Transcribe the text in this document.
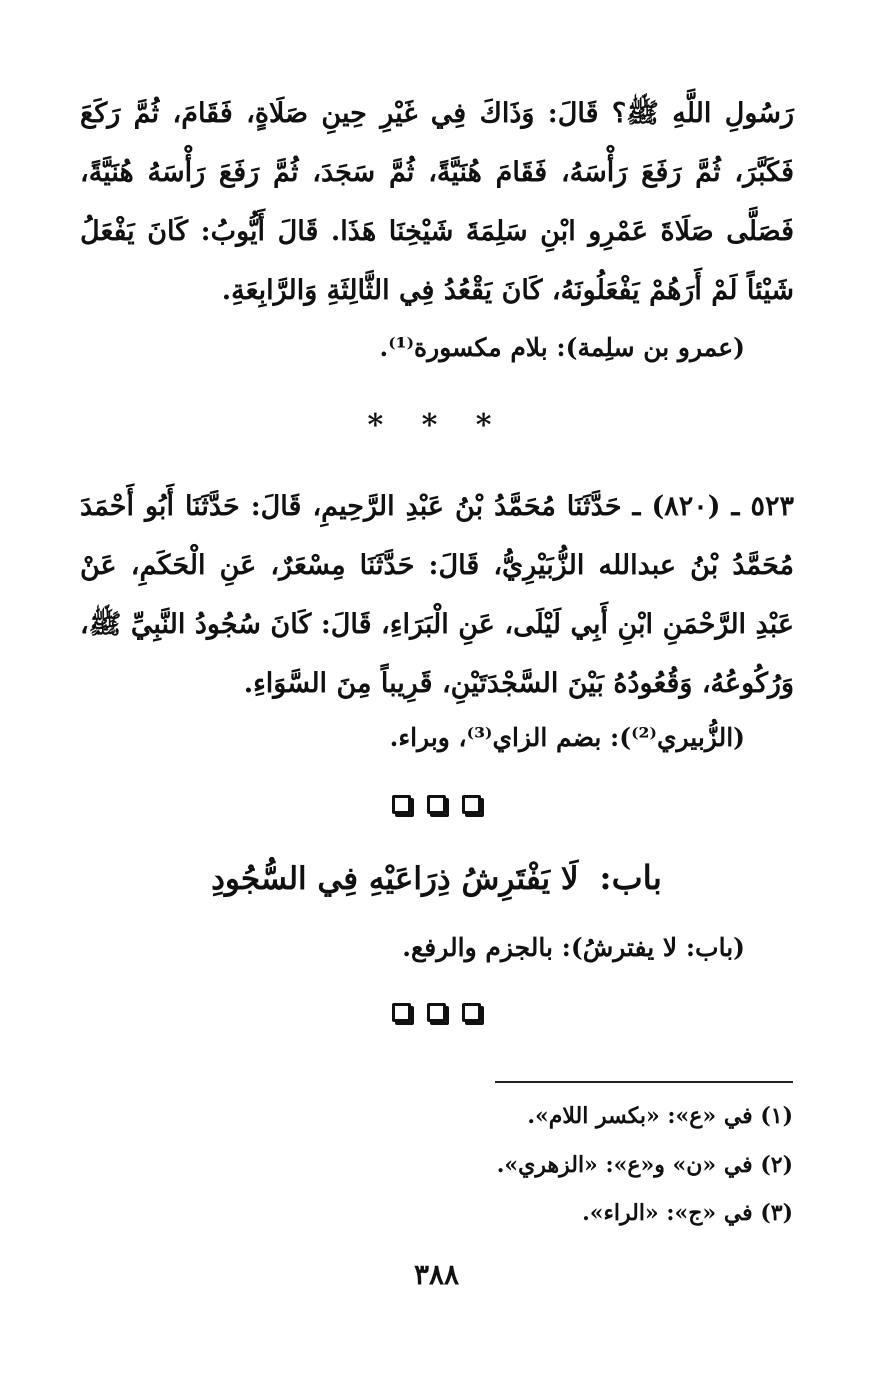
رَسُولِ اللَّهِ ﷺ؟ قَالَ: وَذَاكَ فِي غَيْرِ حِينِ صَلَاةٍ، فَقَامَ، ثُمَّ رَكَعَ فَكَبَّرَ، ثُمَّ رَفَعَ رَأْسَهُ، فَقَامَ هُنَيَّةً، ثُمَّ سَجَدَ، ثُمَّ رَفَعَ رَأْسَهُ هُنَيَّةً، فَصَلَّى صَلَاةَ عَمْرِو ابْنِ سَلِمَةَ شَيْخِنَا هَذَا. قَالَ أَيُّوبُ: كَانَ يَفْعَلُ شَيْئاً لَمْ أَرَهُمْ يَفْعَلُونَهُ، كَانَ يَقْعُدُ فِي الثَّالِثَةِ وَالرَّابِعَةِ.
(عمرو بن سلِمة): بلام مكسورة⁽¹⁾.
* * *
٥٢٣ ـ (٨٢٠) ـ حَدَّثَنَا مُحَمَّدُ بْنُ عَبْدِ الرَّحِيمِ، قَالَ: حَدَّثَنَا أَبُو أَحْمَدَ مُحَمَّدُ بْنُ عبدالله الزُّبَيْرِيُّ، قَالَ: حَدَّثَنَا مِسْعَرٌ، عَنِ الْحَكَمِ، عَنْ عَبْدِ الرَّحْمَنِ ابْنِ أَبِي لَيْلَى، عَنِ الْبَرَاءِ، قَالَ: كَانَ سُجُودُ النَّبِيِّ ﷺ، وَرُكُوعُهُ، وَقُعُودُهُ بَيْنَ السَّجْدَتَيْنِ، قَرِيباً مِنَ السَّوَاءِ.
(الزُّبيري⁽²⁾): بضم الزاي⁽³⁾، وبراء.
باب: لَا يَفْتَرِشُ ذِرَاعَيْهِ فِي السُّجُودِ
(باب: لا يفترشُ): بالجزم والرفع.
(١) في «ع»: «بكسر اللام».
(٢) في «ن» و«ع»: «الزهري».
(٣) في «ج»: «الراء».
٣٨٨
